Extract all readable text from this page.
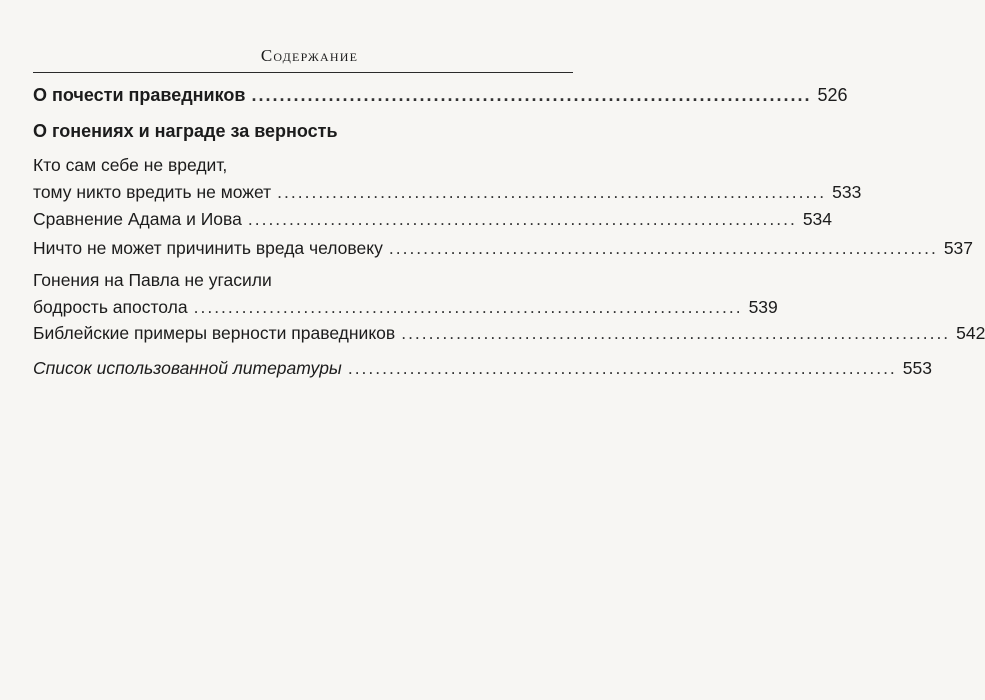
Содержание
О почести праведников ................................................................................ 526
О гонениях и награде за верность
Кто сам себе не вредит,
тому никто вредить не может ................................................................................ 533
Сравнение Адама и Иова ................................................................................ 534
Ничто не может причинить вреда человеку ................................................................................ 537
Гонения на Павла не угасили
бодрость апостола ................................................................................ 539
Библейские примеры верности праведников ................................................................................ 542
Список использованной литературы ................................................................................ 553
